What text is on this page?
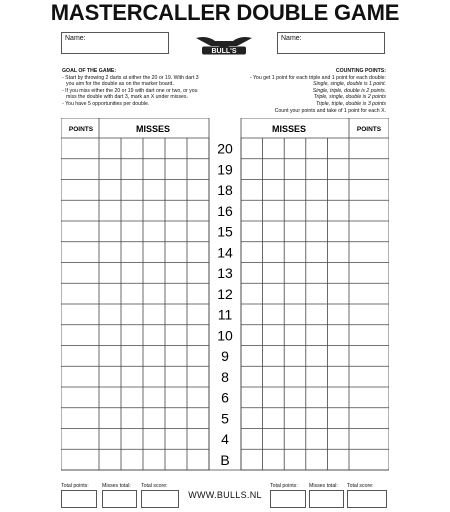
MASTERCALLER DOUBLE GAME
Name:	Name:
BULL'S
GOAL OF THE GAME:
- Start by throwing 2 darts at either the 20 or 19. With dart 3
you aim for the double as on the marker board.
- If you miss either the 20 or 19 with dart one or two, or you
miss the double with dart 3, mark an X under misses.
- You have 5 opportunities per double.
COUNTING POINTS:
- You get 1 point for each triple and 1 point for each double:
Single, single, double is 1 point.
Single, triple, double is 2 points.
Triple, single, double is 2 points
Triple, triple, double is 3 points
Count your points and take of 1 point for each X.
POINTS	MISSES	MISSES	POINTS
20
19
18
16
15
14
13
12
11
10
9
8
6
5
4
B
Total points:	Misses total: Total score:	Total points: Misses total: Total score:
WWW.BULLS.NL
